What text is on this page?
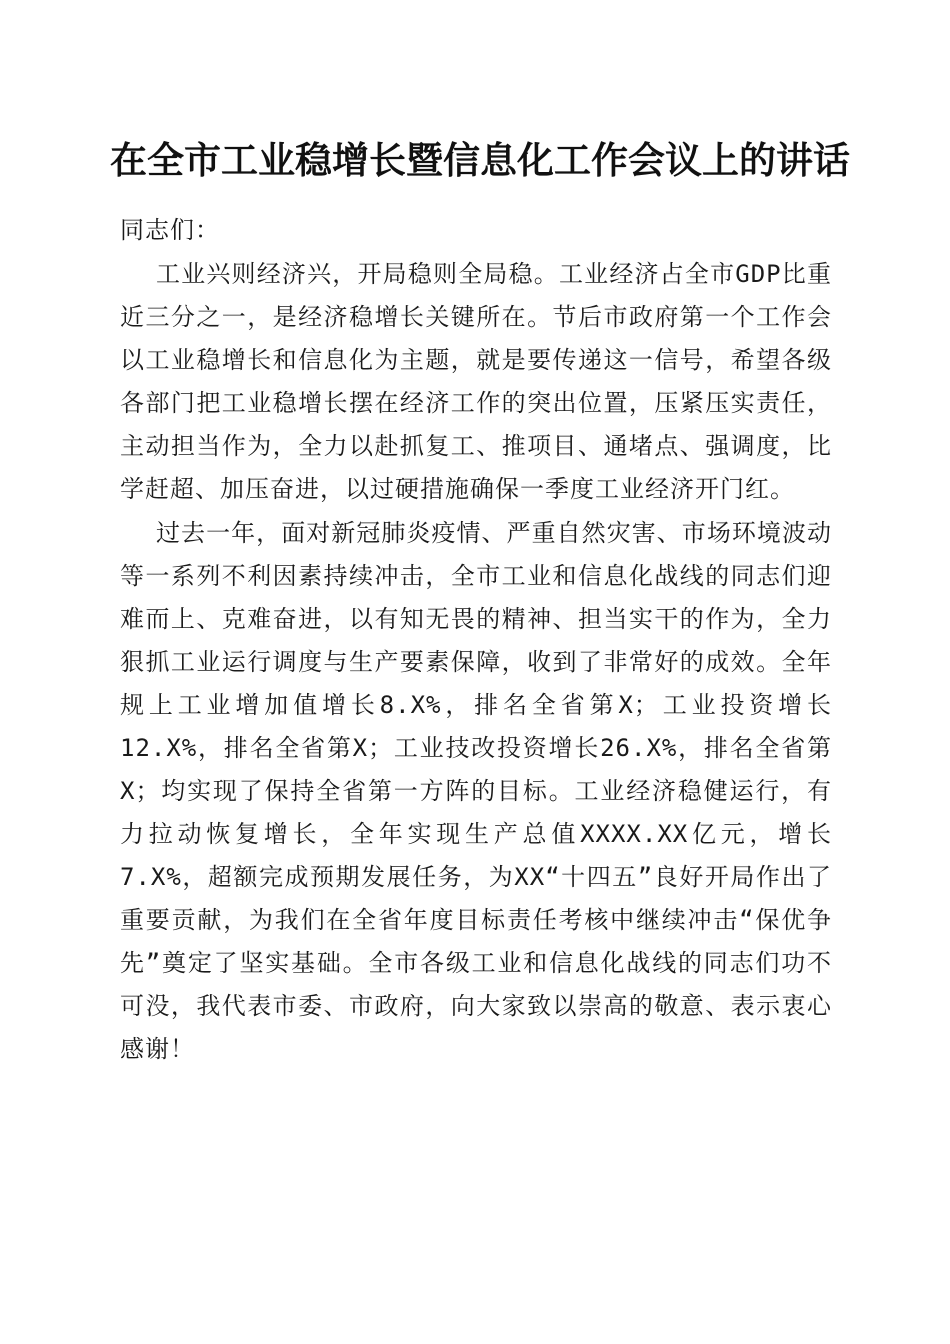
在全市工业稳增长暨信息化工作会议上的讲话

同志们：

工业兴则经济兴，开局稳则全局稳。工业经济占全市GDP比重近三分之一，是经济稳增长关键所在。节后市政府第一个工作会以工业稳增长和信息化为主题，就是要传递这一信号，希望各级各部门把工业稳增长摆在经济工作的突出位置，压紧压实责任，主动担当作为，全力以赴抓复工、推项目、通堵点、强调度，比学赶超、加压奋进，以过硬措施确保一季度工业经济开门红。

过去一年，面对新冠肺炎疫情、严重自然灾害、市场环境波动等一系列不利因素持续冲击，全市工业和信息化战线的同志们迎难而上、克难奋进，以有知无畏的精神、担当实干的作为，全力狠抓工业运行调度与生产要素保障，收到了非常好的成效。全年规上工业增加值增长8.X%，排名全省第X；工业投资增长12.X%，排名全省第X；工业技改投资增长26.X%，排名全省第X；均实现了保持全省第一方阵的目标。工业经济稳健运行，有力拉动恢复增长，全年实现生产总值XXXX.XX亿元，增长7.X%，超额完成预期发展任务，为XX“十四五”良好开局作出了重要贡献，为我们在全省年度目标责任考核中继续冲击“保优争先”奠定了坚实基础。全市各级工业和信息化战线的同志们功不可没，我代表市委、市政府，向大家致以崇高的敬意、表示衷心感谢！
